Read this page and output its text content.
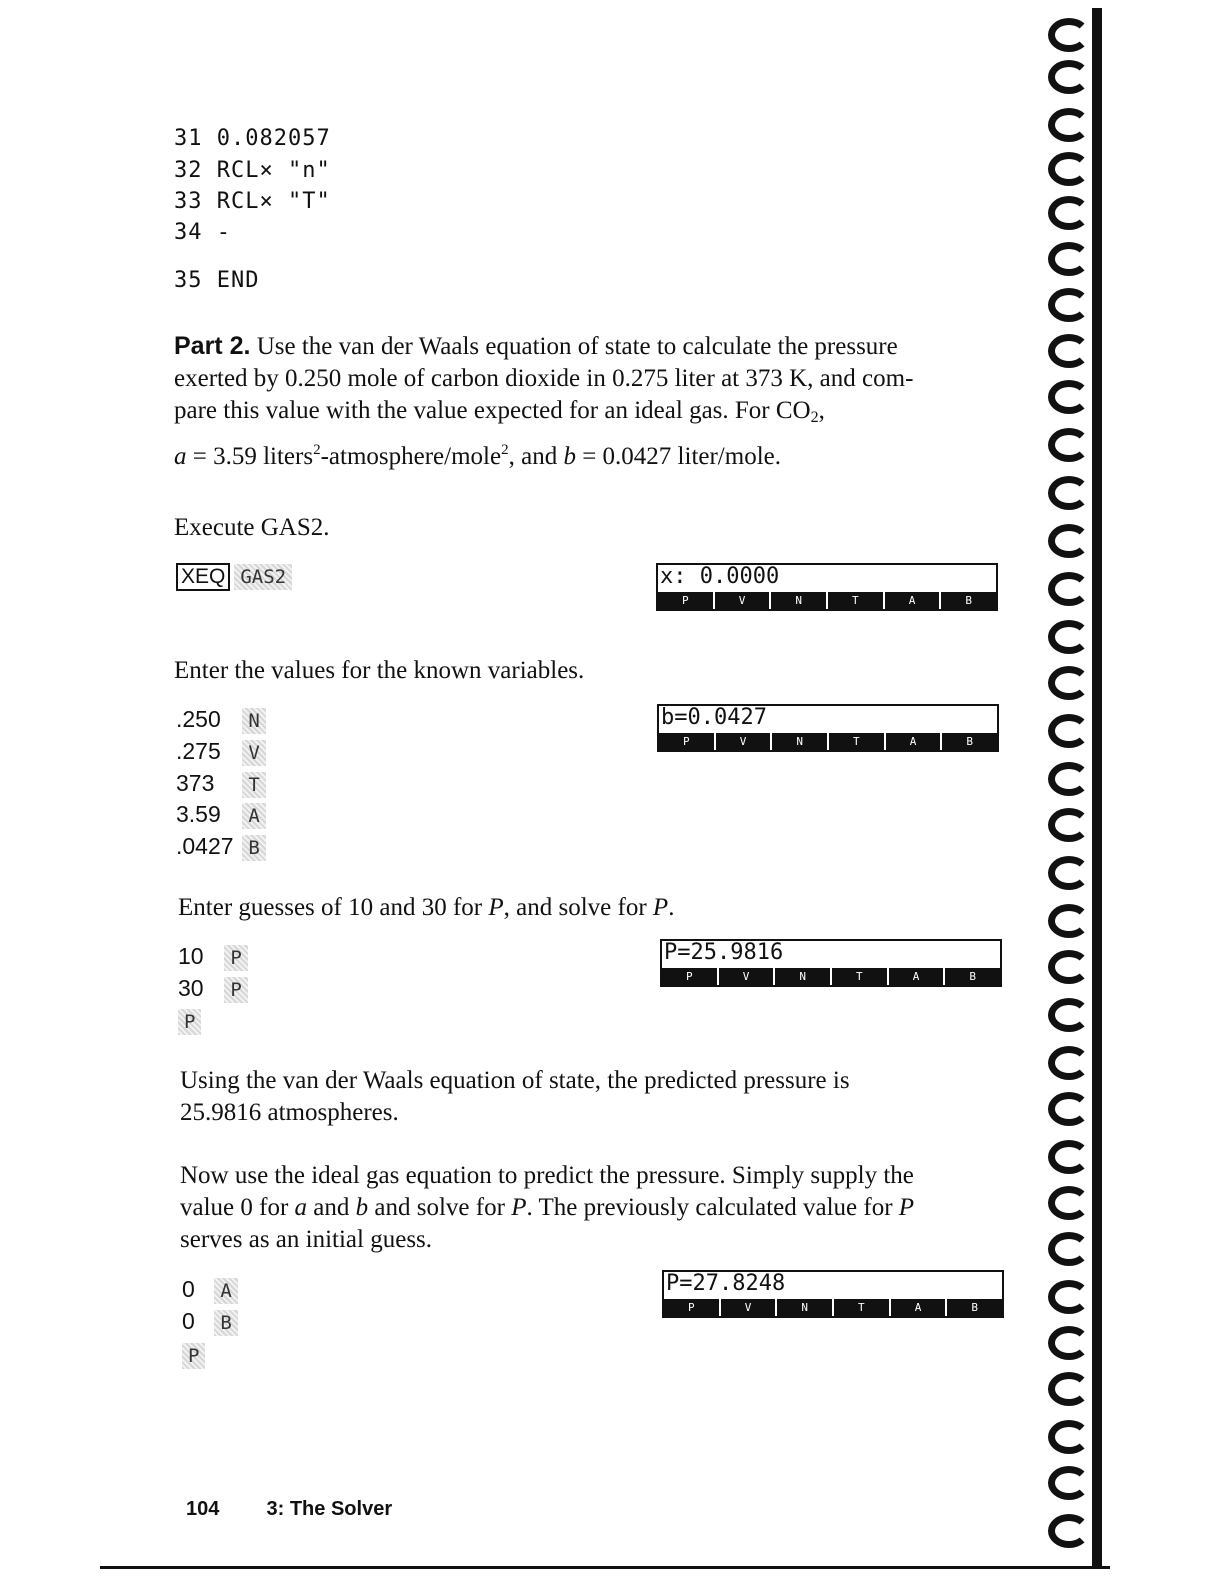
31 0.082057
32 RCL× "n"
33 RCL× "T"
34 -
35 END
Part 2. Use the van der Waals equation of state to calculate the pressure
exerted by 0.250 mole of carbon dioxide in 0.275 liter at 373 K, and com-
pare this value with the value expected for an ideal gas. For $CO_2$,
a = 3.59 liters$^2$-atmosphere/mole$^2$, and b = 0.0427 liter/mole.
Execute GAS2.
XEQ GAS2	x: 0.0000
P	V	N	T	A	B
Enter the values for the known variables.
.250 N
.275 V
373 T
3.59 A
.0427 B
b=0.0427
P	V	N	T	A	B
Enter guesses of 10 and 30 for P, and solve for P.
10 P
30 P
P
P=25.9816
P	V	N	T	A	B
Using the van der Waals equation of state, the predicted pressure is
25.9816 atmospheres.
Now use the ideal gas equation to predict the pressure. Simply supply the
value 0 for a and b and solve for P. The previously calculated value for P
serves as an initial guess.
0 A
0 B
P
P=27.8248
P	V	N	T	A	B
104 3: The Solver
